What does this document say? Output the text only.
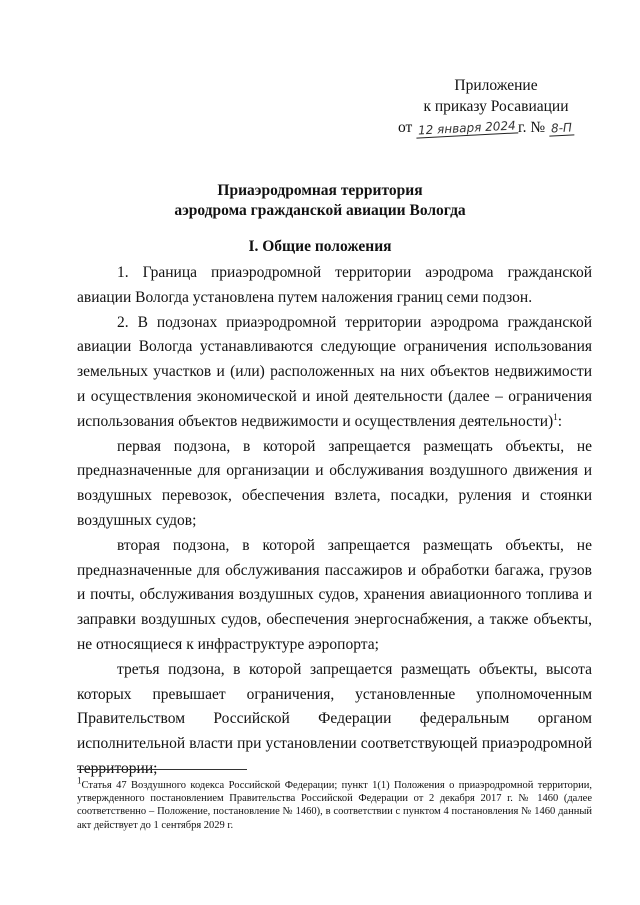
Приложение
к приказу Росавиации
от 12 января 2024 г. № 8-П
Приаэродромная территория
аэродрома гражданской авиации Вологда
I. Общие положения

1. Граница приаэродромной территории аэродрома гражданской авиации Вологда установлена путем наложения границ семи подзон.

2. В подзонах приаэродромной территории аэродрома гражданской авиации Вологда устанавливаются следующие ограничения использования земельных участков и (или) расположенных на них объектов недвижимости и осуществления экономической и иной деятельности (далее – ограничения использования объектов недвижимости и осуществления деятельности)$^1$:

первая подзона, в которой запрещается размещать объекты, не предназначенные для организации и обслуживания воздушного движения и воздушных перевозок, обеспечения взлета, посадки, руления и стоянки воздушных судов;

вторая подзона, в которой запрещается размещать объекты, не предназначенные для обслуживания пассажиров и обработки багажа, грузов и почты, обслуживания воздушных судов, хранения авиационного топлива и заправки воздушных судов, обеспечения энергоснабжения, а также объекты, не относящиеся к инфраструктуре аэропорта;

третья подзона, в которой запрещается размещать объекты, высота которых превышает ограничения, установленные уполномоченным Правительством Российской Федерации федеральным органом исполнительной власти при установлении соответствующей приаэродромной территории;

$^1$Статья 47 Воздушного кодекса Российской Федерации; пункт 1(1) Положения о приаэродромной территории, утвержденного постановлением Правительства Российской Федерации от 2 декабря 2017 г. № 1460 (далее соответственно – Положение, постановление № 1460), в соответствии с пунктом 4 постановления № 1460 данный акт действует до 1 сентября 2029 г.
